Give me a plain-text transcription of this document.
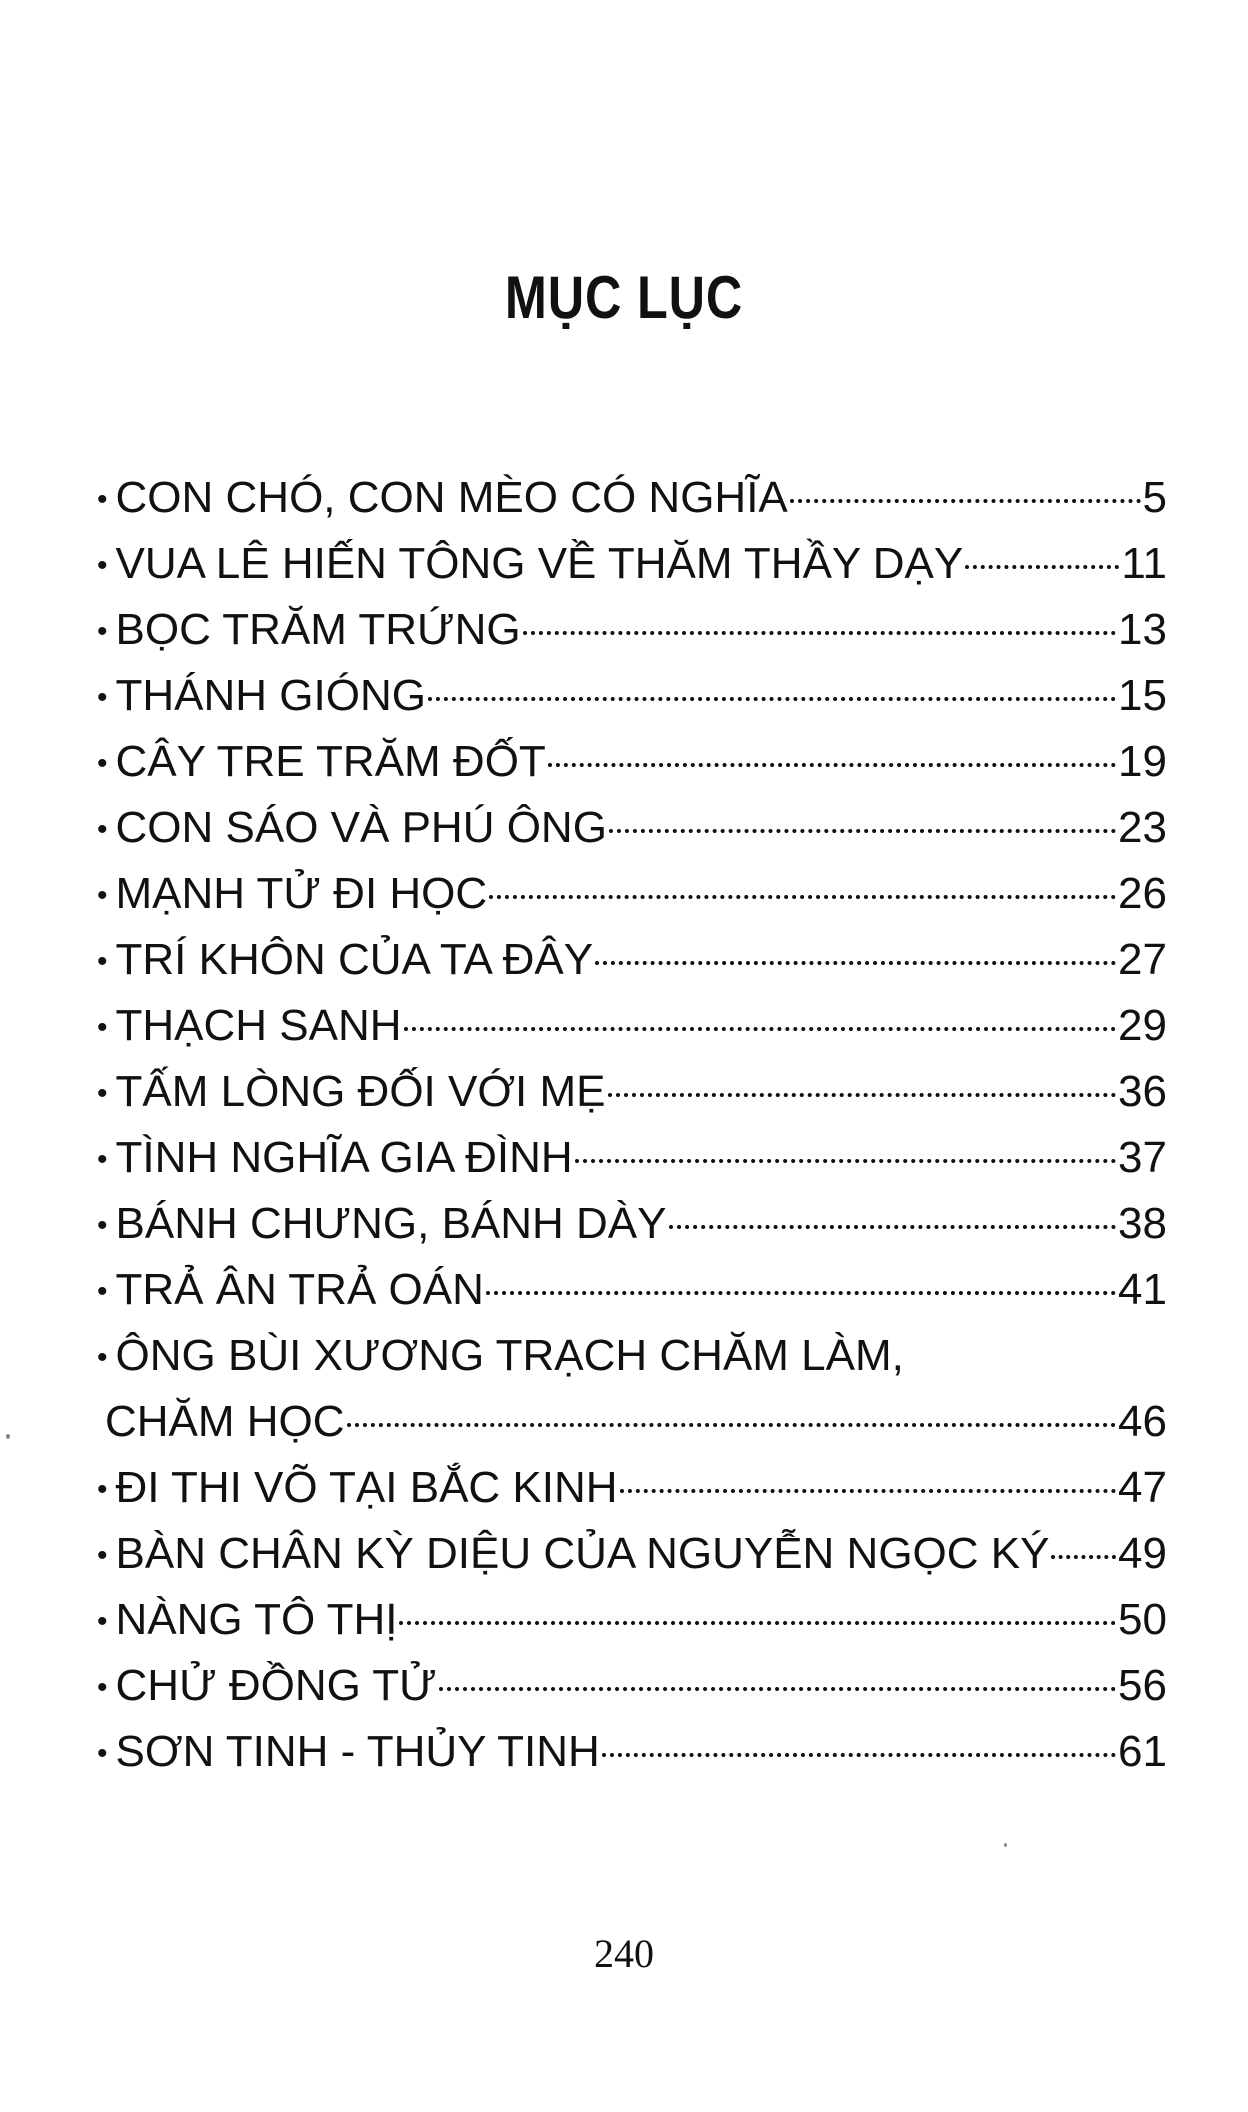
MỤC LỤC
• CON CHÓ, CON MÈO CÓ NGHĨA	5
• VUA LÊ HIẾN TÔNG VỀ THĂM THẦY DẠY	11
• BỌC TRĂM TRỨNG	13
• THÁNH GIÓNG	15
• CÂY TRE TRĂM ĐỐT	19
• CON SÁO VÀ PHÚ ÔNG	23
• MẠNH TỬ ĐI HỌC	26
• TRÍ KHÔN CỦA TA ĐÂY	27
• THẠCH SANH	29
• TẤM LÒNG ĐỐI VỚI MẸ	36
• TÌNH NGHĨA GIA ĐÌNH	37
• BÁNH CHƯNG, BÁNH DÀY	38
• TRẢ ÂN TRẢ OÁN	41
• ÔNG BÙI XƯƠNG TRẠCH CHĂM LÀM,
CHĂM HỌC	46
• ĐI THI VÕ TẠI BẮC KINH	47
• BÀN CHÂN KỲ DIỆU CỦA NGUYỄN NGỌC KÝ 49
• NÀNG TÔ THỊ	50
• CHỬ ĐỒNG TỬ	56
• SƠN TINH - THỦY TINH	61
240
